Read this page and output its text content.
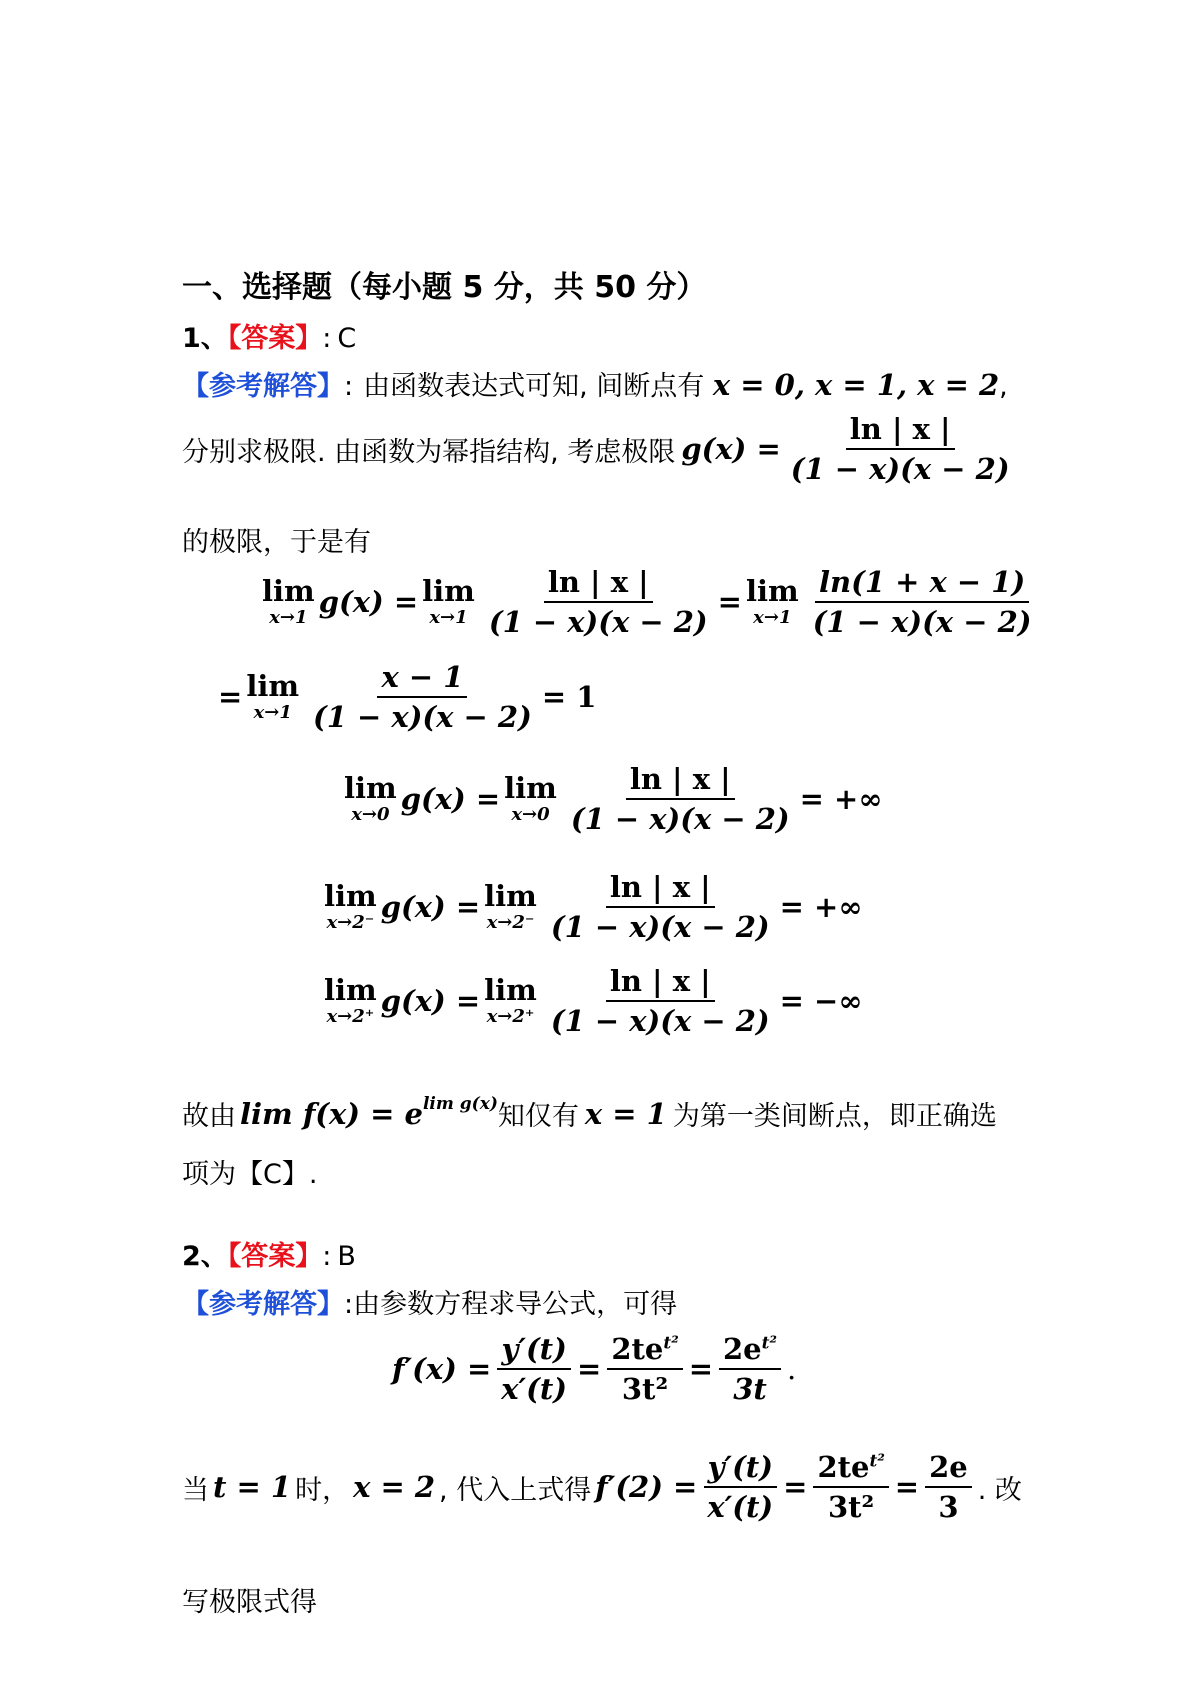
一、选择题（每小题 5 分，共 50 分）
1、【答案】: C
【参考解答】: 由函数表达式可知, 间断点有 x = 0, x = 1, x = 2,
分别求极限. 由函数为幂指结构, 考虑极限 $g(x) = \frac{\ln | x |}{(1 - x)(x - 2)}$
的极限，于是有
lim
x→1 g(x) = lim
$x\to 1 \frac{\ln | x |}{(1 - x)(x - 2)} = \lim$
$x\to 1 \frac{\ln(1 + x - 1)}{(1 - x)(x - 2)}$
= lim
$x\to 1 \frac{x - 1}{(1 - x)(x - 2)} = 1$
lim
x→0 g(x) = lim
$x\to 0 \frac{\ln | x |}{(1 - x)(x - 2)}$ = +∞
lim
x→2⁻ g(x) = lim
$x\to 2^- \frac{\ln | x |}{(1 - x)(x - 2)}$ = +∞
lim
x→2⁺ g(x) = lim
$x\to 2^+ \frac{\ln | x |}{(1 - x)(x - 2)}$ = −∞
故由 $\lim f(x) = e^{lim g(x)}$ 知仅有 x = 1 为第一类间断点，即正确选
项为【C】.
2、【答案】: B
【参考解答】:由参数方程求导公式，可得
$f'(x) = \frac{y'(t)}{x'(t)} = \frac{2te^{t^2}}{\text{3t²}} = \frac{2e^{t^2}}{3t}$ .
当 t = 1 时， x = 2 , 代入上式得 $f'(2) = \frac{y'(t)}{x'(t)} = \frac{2te^{t^2}}{\text{3t²}} = \frac{2e}{3}$ . 改
写极限式得
